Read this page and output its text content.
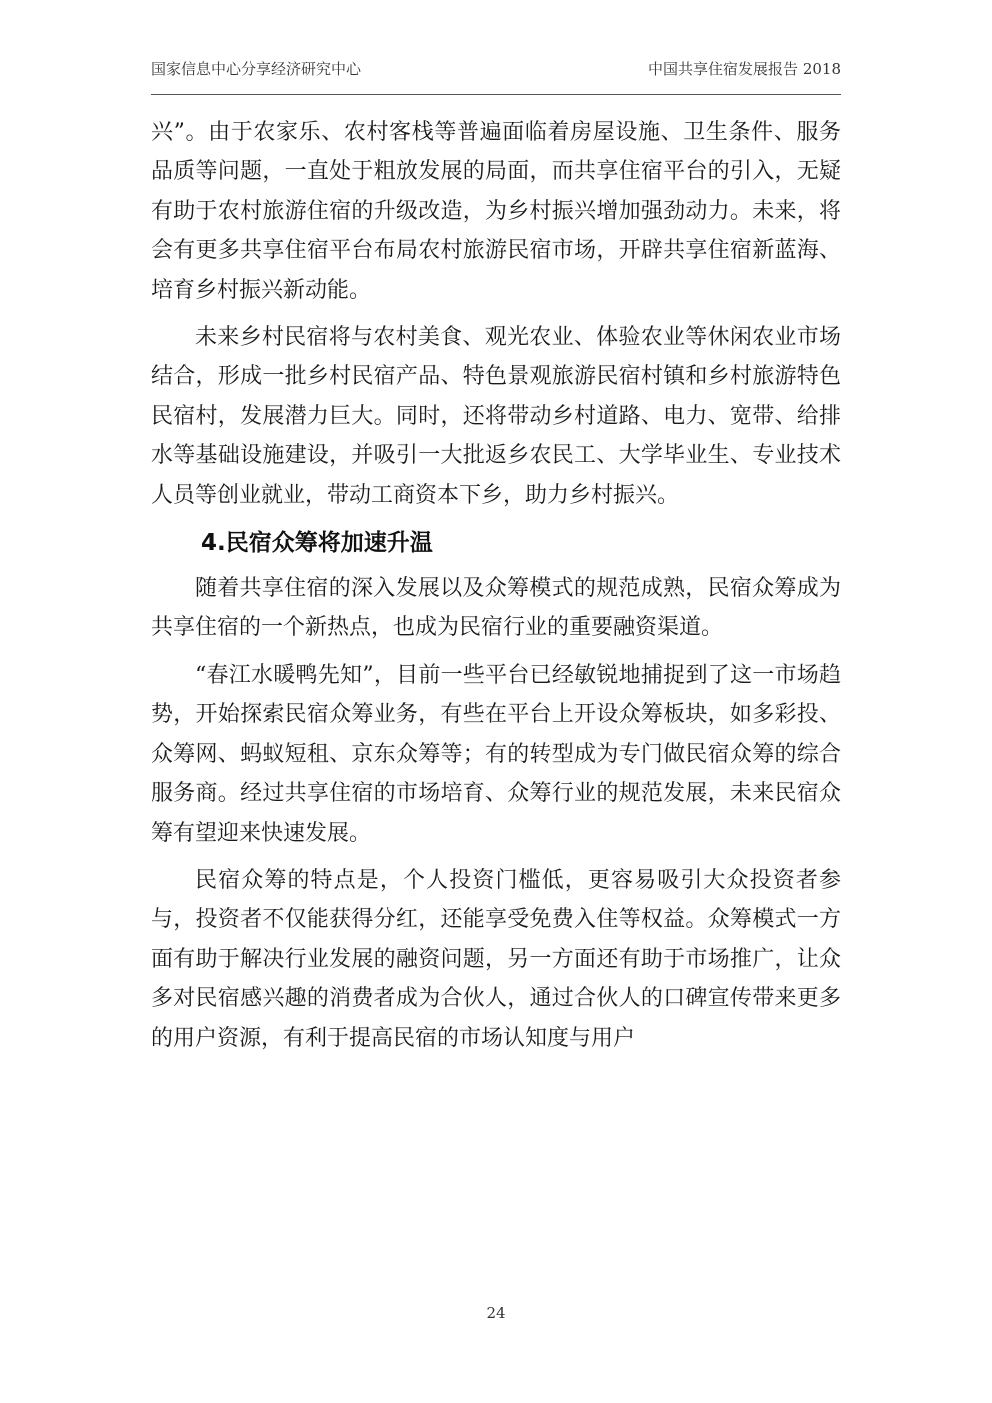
国家信息中心分享经济研究中心	中国共享住宿发展报告 2018

兴”。由于农家乐、农村客栈等普遍面临着房屋设施、卫生条件、服务品质等问题，一直处于粗放发展的局面，而共享住宿平台的引入，无疑有助于农村旅游住宿的升级改造，为乡村振兴增加强劲动力。未来，将会有更多共享住宿平台布局农村旅游民宿市场，开辟共享住宿新蓝海、培育乡村振兴新动能。

未来乡村民宿将与农村美食、观光农业、体验农业等休闲农业市场结合，形成一批乡村民宿产品、特色景观旅游民宿村镇和乡村旅游特色民宿村，发展潜力巨大。同时，还将带动乡村道路、电力、宽带、给排水等基础设施建设，并吸引一大批返乡农民工、大学毕业生、专业技术人员等创业就业，带动工商资本下乡，助力乡村振兴。

4.民宿众筹将加速升温

随着共享住宿的深入发展以及众筹模式的规范成熟，民宿众筹成为共享住宿的一个新热点，也成为民宿行业的重要融资渠道。

“春江水暖鸭先知”，目前一些平台已经敏锐地捕捉到了这一市场趋势，开始探索民宿众筹业务，有些在平台上开设众筹板块，如多彩投、众筹网、蚂蚁短租、京东众筹等；有的转型成为专门做民宿众筹的综合服务商。经过共享住宿的市场培育、众筹行业的规范发展，未来民宿众筹有望迎来快速发展。

民宿众筹的特点是，个人投资门槛低，更容易吸引大众投资者参与，投资者不仅能获得分红，还能享受免费入住等权益。众筹模式一方面有助于解决行业发展的融资问题，另一方面还有助于市场推广，让众多对民宿感兴趣的消费者成为合伙人，通过合伙人的口碑宣传带来更多的用户资源，有利于提高民宿的市场认知度与用户

24
